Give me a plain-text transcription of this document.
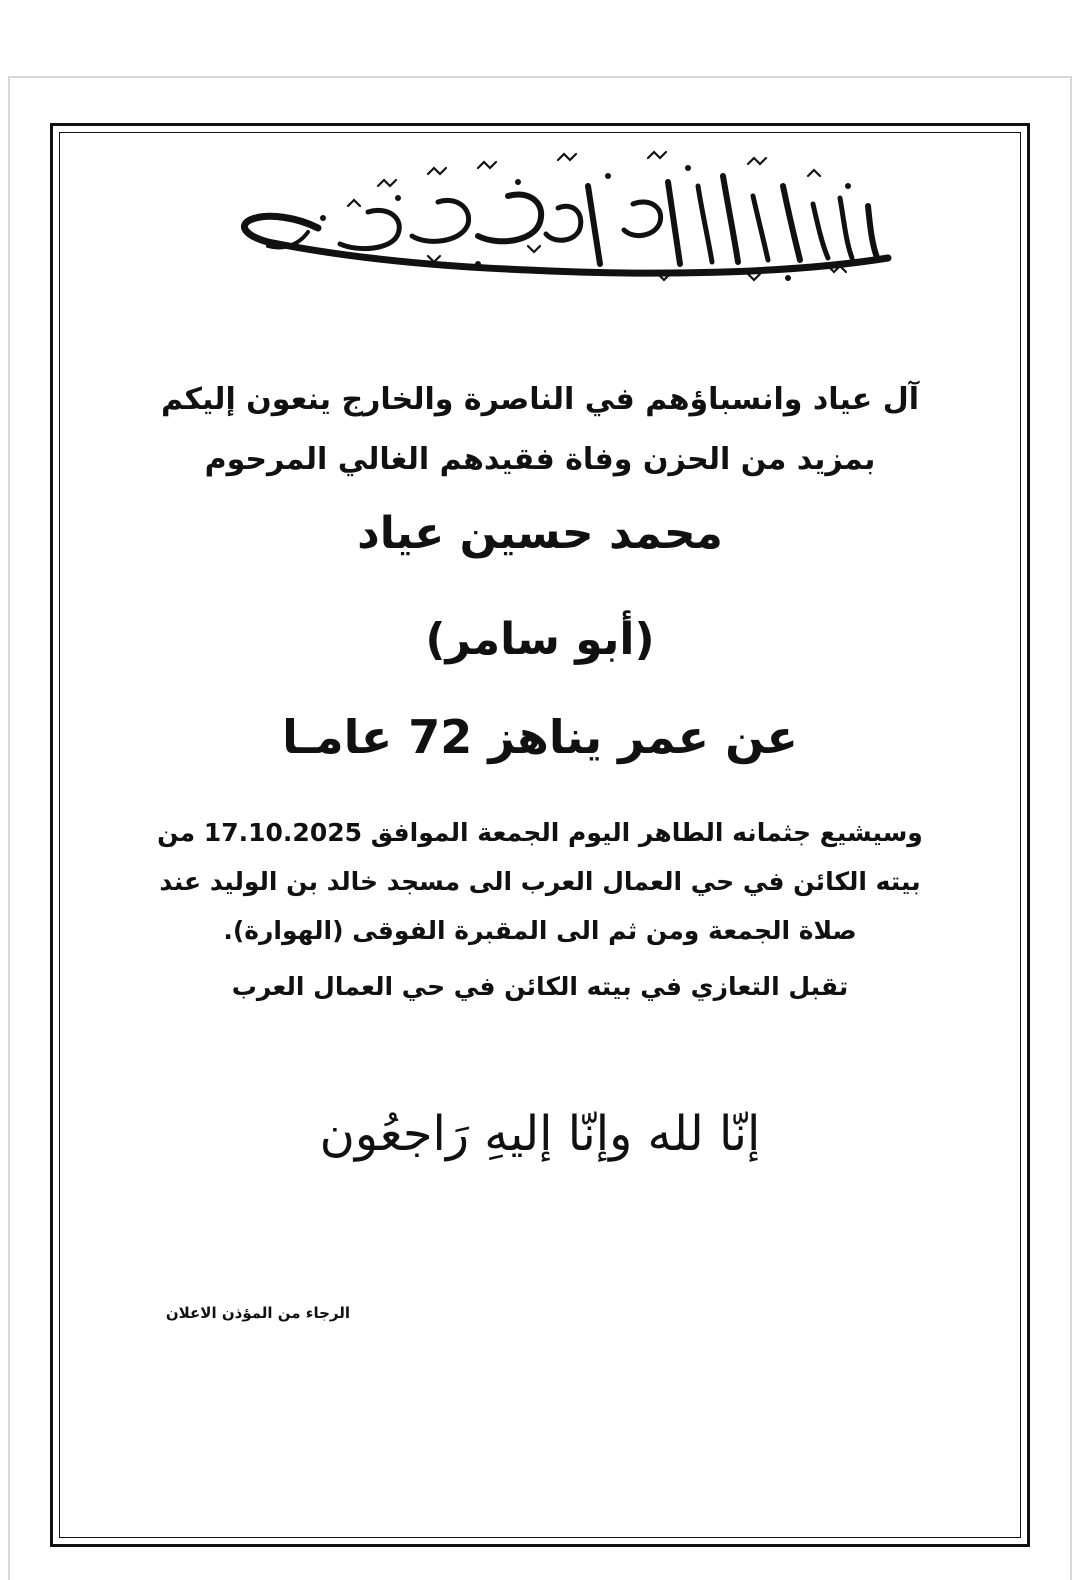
آل عياد وانسباؤهم في الناصرة والخارج ينعون إليكم
بمزيد من الحزن وفاة فقيدهم الغالي المرحوم
محمد حسين عياد
(أبو سامر)
عن عمر يناهز 72 عامـا
وسيشيع جثمانه الطاهر اليوم الجمعة الموافق 17.10.2025 من
بيته الكائن في حي العمال العرب الى مسجد خالد بن الوليد عند
صلاة الجمعة ومن ثم الى المقبرة الفوقى (الهوارة).
تقبل التعازي في بيته الكائن في حي العمال العرب
إنّا لله وإنّا إليهِ رَاجعُون
الرجاء من المؤذن الاعلان
